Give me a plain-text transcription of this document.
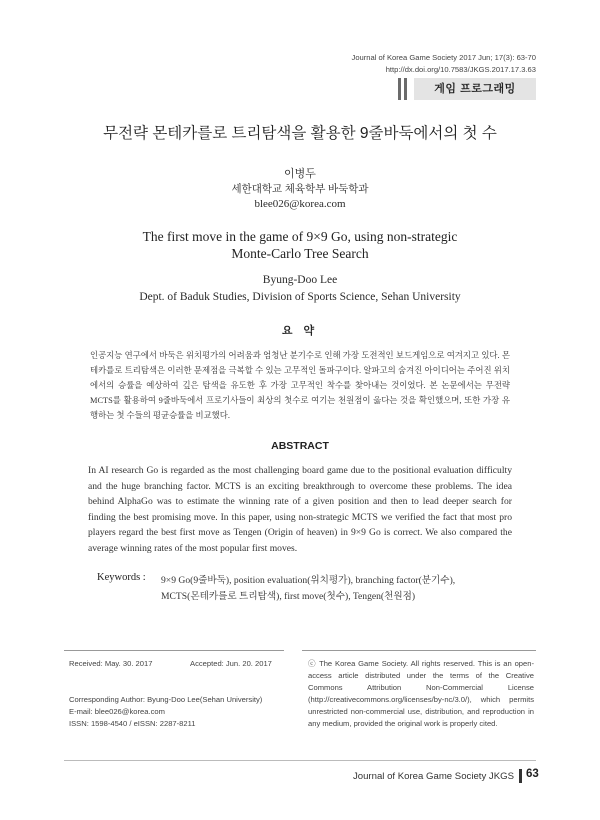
Journal of Korea Game Society 2017 Jun; 17(3): 63-70
http://dx.doi.org/10.7583/JKGS.2017.17.3.63
게임 프로그래밍
무전략 몬테카를로 트리탐색을 활용한 9줄바둑에서의 첫 수
이병두
세한대학교 체육학부 바둑학과
blee026@korea.com
The first move in the game of 9×9 Go, using non-strategic
Monte-Carlo Tree Search
Byung-Doo Lee
Dept. of Baduk Studies, Division of Sports Science, Sehan University
요 약
인공지능 연구에서 바둑은 위치평가의 어려움과 엄청난 분기수로 인해 가장 도전적인 보드게임으로 여겨지고 있다. 몬테카를로 트리탐색은 이러한 문제점을 극복할 수 있는 고무적인 돌파구이다. 알파고의 숨겨진 아이디어는 주어진 위치에서의 승률을 예상하여 깊은 탐색을 유도한 후 가장 고무적인 착수를 찾아내는 것이었다. 본 논문에서는 무전략 MCTS를 활용하여 9줄바둑에서 프로기사들이 최상의 첫수로 여기는 천원점이 옳다는 것을 확인했으며, 또한 가장 유행하는 첫 수들의 평균승률을 비교했다.
ABSTRACT
In AI research Go is regarded as the most challenging board game due to the positional evaluation difficulty and the huge branching factor. MCTS is an exciting breakthrough to overcome these problems. The idea behind AlphaGo was to estimate the winning rate of a given position and then to lead deeper search for finding the best promising move. In this paper, using non-strategic MCTS we verified the fact that most pro players regard the best first move as Tengen (Origin of heaven) in 9×9 Go is correct. We also compared the average winning rates of the most popular first moves.
Keywords : 9×9 Go(9줄바둑), position evaluation(위치평가), branching factor(분기수),
MCTS(몬테카를로 트리탐색), first move(첫수), Tengen(천원점)
Received: May. 30. 2017	Accepted: Jun. 20. 2017
Corresponding Author: Byung-Doo Lee(Sehan University)
E-mail: blee026@korea.com
ISSN: 1598-4540 / eISSN: 2287-8211
ⓒ The Korea Game Society. All rights reserved. This is an open-access article distributed under the terms of the Creative Commons Attribution Non-Commercial License (http://creativecommons.org/licenses/by-nc/3.0/), which permits unrestricted non-commercial use, distribution, and reproduction in any medium, provided the original work is properly cited.
Journal of Korea Game Society JKGS 63
